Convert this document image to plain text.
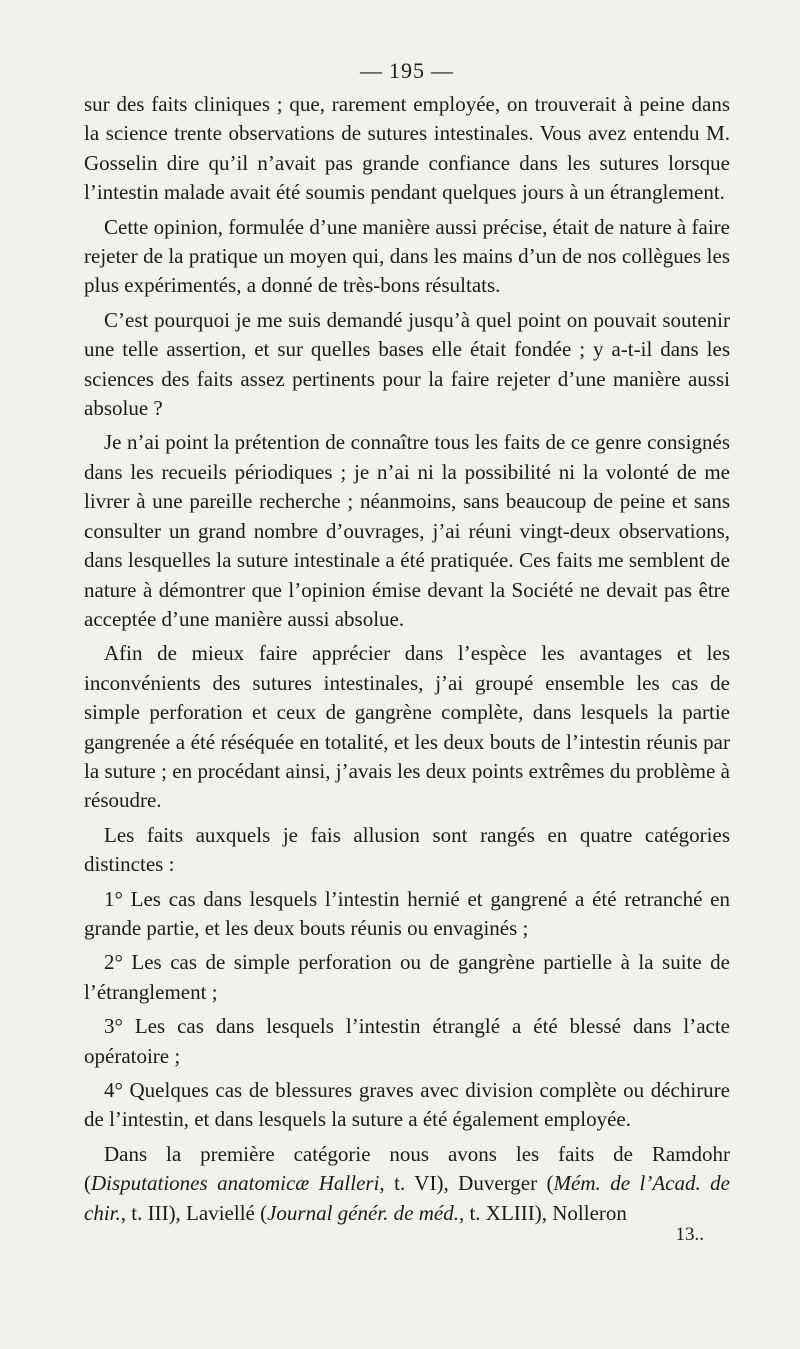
— 195 —

sur des faits cliniques ; que, rarement employée, on trouverait à peine dans la science trente observations de sutures intestinales. Vous avez entendu M. Gosselin dire qu’il n’avait pas grande confiance dans les sutures lorsque l’intestin malade avait été soumis pendant quelques jours à un étranglement.

Cette opinion, formulée d’une manière aussi précise, était de nature à faire rejeter de la pratique un moyen qui, dans les mains d’un de nos collègues les plus expérimentés, a donné de très-bons résultats.

C’est pourquoi je me suis demandé jusqu’à quel point on pouvait soutenir une telle assertion, et sur quelles bases elle était fondée ; y a-t-il dans les sciences des faits assez pertinents pour la faire rejeter d’une manière aussi absolue ?

Je n’ai point la prétention de connaître tous les faits de ce genre consignés dans les recueils périodiques ; je n’ai ni la possibilité ni la volonté de me livrer à une pareille recherche ; néanmoins, sans beaucoup de peine et sans consulter un grand nombre d’ouvrages, j’ai réuni vingt-deux observations, dans lesquelles la suture intestinale a été pratiquée. Ces faits me semblent de nature à démontrer que l’opinion émise devant la Société ne devait pas être acceptée d’une manière aussi absolue.

Afin de mieux faire apprécier dans l’espèce les avantages et les inconvénients des sutures intestinales, j’ai groupé ensemble les cas de simple perforation et ceux de gangrène complète, dans lesquels la partie gangrenée a été réséquée en totalité, et les deux bouts de l’intestin réunis par la suture ; en procédant ainsi, j’avais les deux points extrêmes du problème à résoudre.

Les faits auxquels je fais allusion sont rangés en quatre catégories distinctes :

1° Les cas dans lesquels l’intestin hernié et gangrené a été retranché en grande partie, et les deux bouts réunis ou envaginés ;

2° Les cas de simple perforation ou de gangrène partielle à la suite de l’étranglement ;

3° Les cas dans lesquels l’intestin étranglé a été blessé dans l’acte opératoire ;

4° Quelques cas de blessures graves avec division complète ou déchirure de l’intestin, et dans lesquels la suture a été également employée.

Dans la première catégorie nous avons les faits de Ramdohr (Disputationes anatomicæ Halleri, t. VI), Duverger (Mém. de l’Acad. de chir., t. III), Laviellé (Journal génér. de méd., t. XLIII), Nolleron

13..
